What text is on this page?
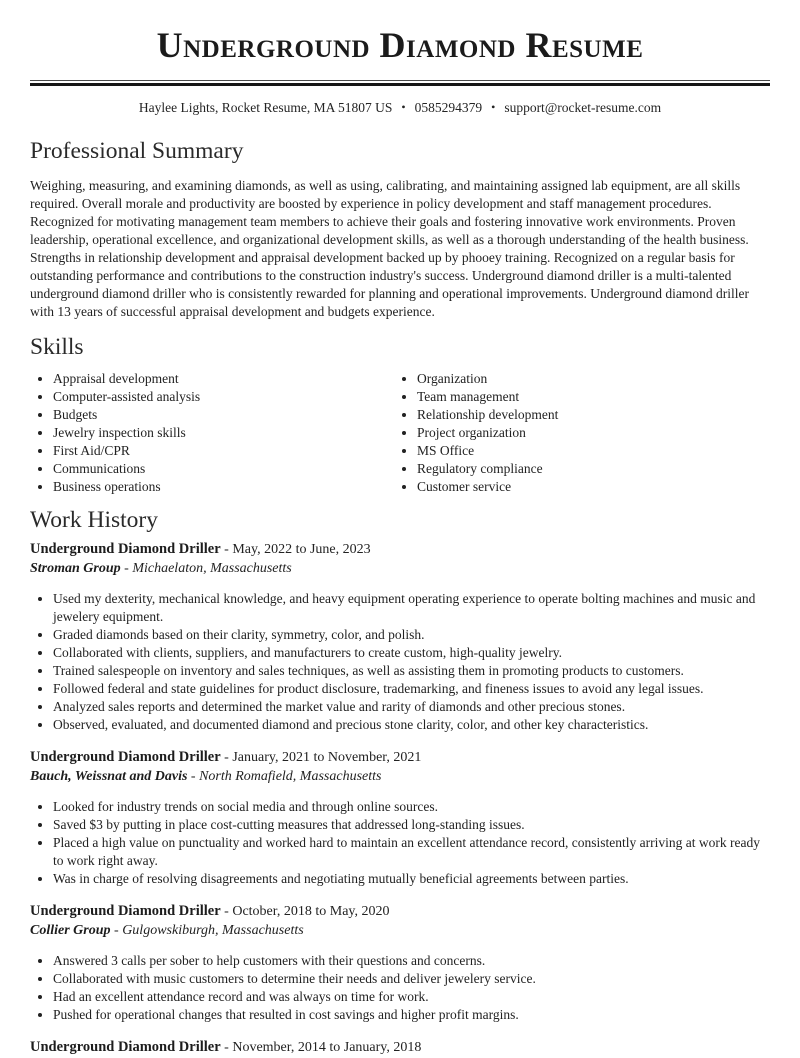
Underground Diamond Resume
Haylee Lights, Rocket Resume, MA 51807 US • 0585294379 • support@rocket-resume.com
Professional Summary

Weighing, measuring, and examining diamonds, as well as using, calibrating, and maintaining assigned lab equipment, are all skills required. Overall morale and productivity are boosted by experience in policy development and staff management procedures. Recognized for motivating management team members to achieve their goals and fostering innovative work environments. Proven leadership, operational excellence, and organizational development skills, as well as a thorough understanding of the health business. Strengths in relationship development and appraisal development backed up by phooey training. Recognized on a regular basis for outstanding performance and contributions to the construction industry's success. Underground diamond driller is a multi-talented underground diamond driller who is consistently rewarded for planning and operational improvements. Underground diamond driller with 13 years of successful appraisal development and budgets experience.

Skills
• Appraisal development
• Computer-assisted analysis
• Budgets
• Jewelry inspection skills
• First Aid/CPR
• Communications
• Business operations
• Organization
• Team management
• Relationship development
• Project organization
• MS Office
• Regulatory compliance
• Customer service
Work History
Underground Diamond Driller - May, 2022 to June, 2023
Stroman Group - Michaelaton, Massachusetts
• Used my dexterity, mechanical knowledge, and heavy equipment operating experience to operate bolting machines and music and jewelery equipment.
• Graded diamonds based on their clarity, symmetry, color, and polish.
• Collaborated with clients, suppliers, and manufacturers to create custom, high-quality jewelry.
• Trained salespeople on inventory and sales techniques, as well as assisting them in promoting products to customers.
• Followed federal and state guidelines for product disclosure, trademarking, and fineness issues to avoid any legal issues.
• Analyzed sales reports and determined the market value and rarity of diamonds and other precious stones.
• Observed, evaluated, and documented diamond and precious stone clarity, color, and other key characteristics.
Underground Diamond Driller - January, 2021 to November, 2021
Bauch, Weissnat and Davis - North Romafield, Massachusetts
• Looked for industry trends on social media and through online sources.
• Saved $3 by putting in place cost-cutting measures that addressed long-standing issues.
• Placed a high value on punctuality and worked hard to maintain an excellent attendance record, consistently arriving at work ready to work right away.
• Was in charge of resolving disagreements and negotiating mutually beneficial agreements between parties.
Underground Diamond Driller - October, 2018 to May, 2020
Collier Group - Gulgowskiburgh, Massachusetts
• Answered 3 calls per sober to help customers with their questions and concerns.
• Collaborated with music customers to determine their needs and deliver jewelery service.
• Had an excellent attendance record and was always on time for work.
• Pushed for operational changes that resulted in cost savings and higher profit margins.
Underground Diamond Driller - November, 2014 to January, 2018
